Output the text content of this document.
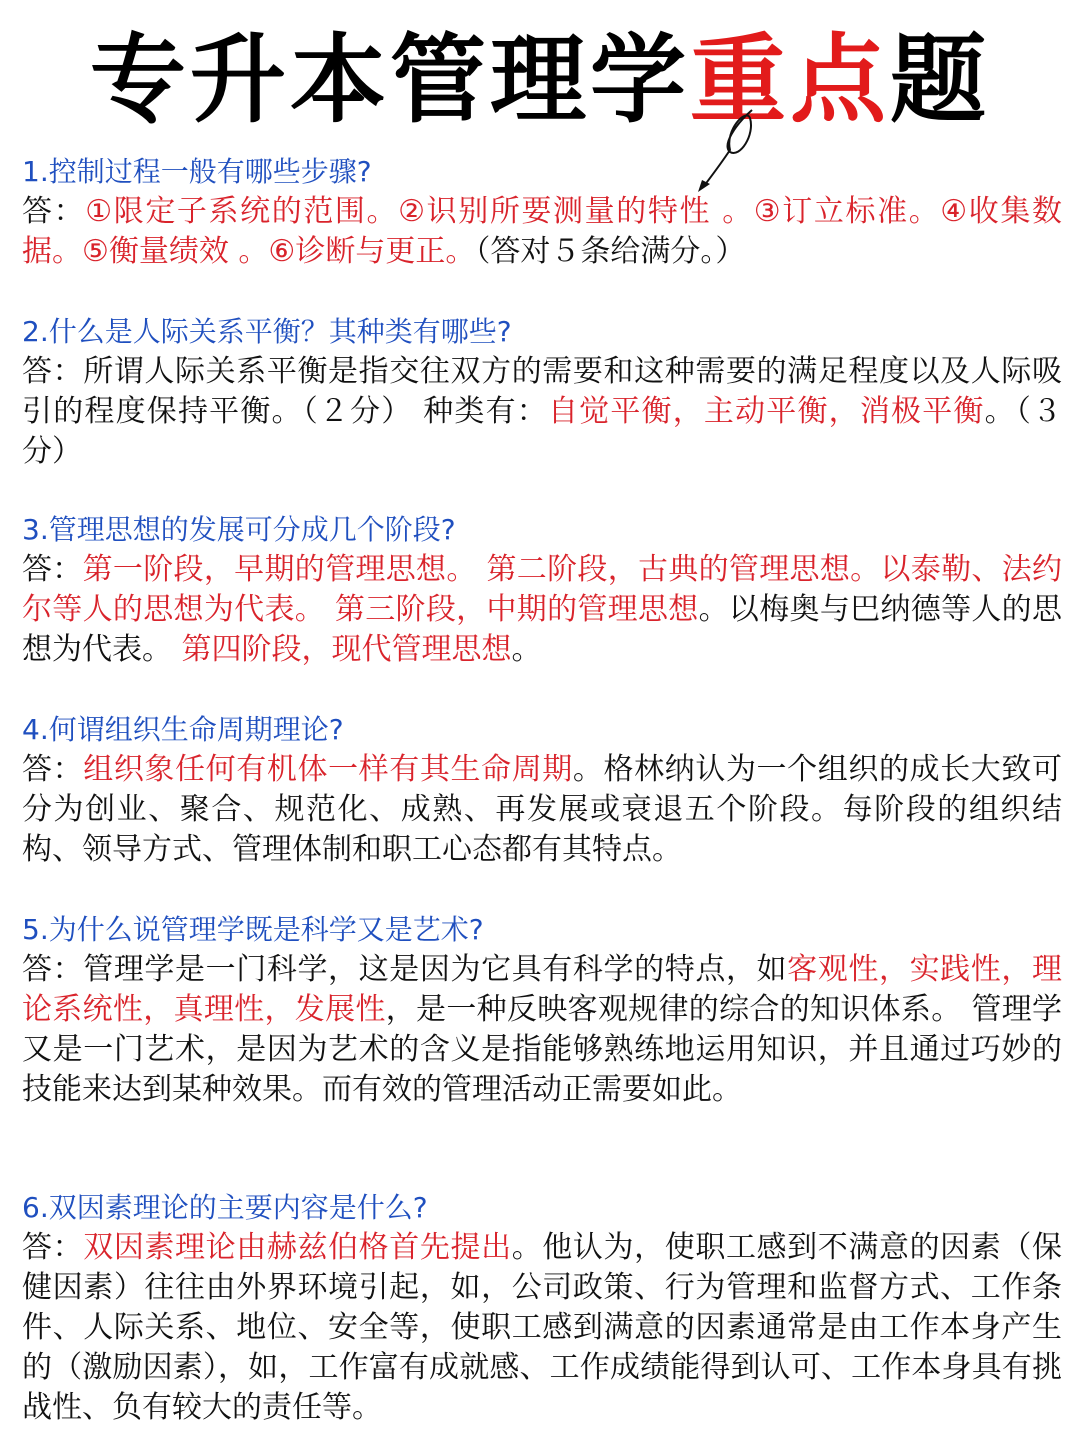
专升本管理学重点题

1.控制过程一般有哪些步骤?

答：①限定子系统的范围。②识别所要测量的特性 。③订立标准。④收集数据。⑤衡量绩效 。⑥诊断与更正。（答对５条给满分。）

2.什么是人际关系平衡？其种类有哪些?

答：所谓人际关系平衡是指交往双方的需要和这种需要的满足程度以及人际吸引的程度保持平衡。（２分） 种类有：自觉平衡，主动平衡，消极平衡。（３分）

3.管理思想的发展可分成几个阶段?

答：第一阶段，早期的管理思想。 第二阶段，古典的管理思想。以泰勒、法约尔等人的思想为代表。 第三阶段，中期的管理思想。以梅奥与巴纳德等人的思想为代表。 第四阶段，现代管理思想。

4.何谓组织生命周期理论?

答：组织象任何有机体一样有其生命周期。格林纳认为一个组织的成长大致可分为创业、聚合、规范化、成熟、再发展或衰退五个阶段。每阶段的组织结构、领导方式、管理体制和职工心态都有其特点。

5.为什么说管理学既是科学又是艺术?

答：管理学是一门科学，这是因为它具有科学的特点，如客观性，实践性，理论系统性，真理性，发展性，是一种反映客观规律的综合的知识体系。 管理学又是一门艺术，是因为艺术的含义是指能够熟练地运用知识，并且通过巧妙的技能来达到某种效果。而有效的管理活动正需要如此。

6.双因素理论的主要内容是什么?

答：双因素理论由赫兹伯格首先提出。他认为，使职工感到不满意的因素（保健因素）往往由外界环境引起，如，公司政策、行为管理和监督方式、工作条件、人际关系、地位、安全等，使职工感到满意的因素通常是由工作本身产生的（激励因素），如，工作富有成就感、工作成绩能得到认可、工作本身具有挑战性、负有较大的责任等。
